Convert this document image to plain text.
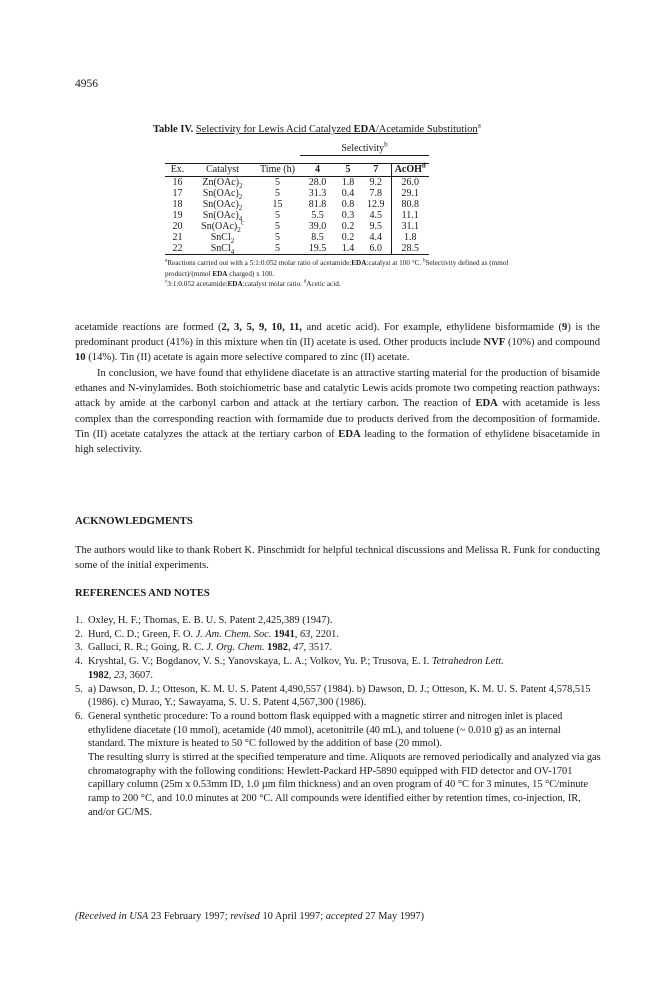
4956
Table IV. Selectivity for Lewis Acid Catalyzed EDA/Acetamide Substitution$^a$
			Selectivity$^b$

Ex.	Catalyst	Time (h)	4	5	7	AcOH$^d$
16	$Zn(OAc)_2$	5	28.0	1.8	9.2	26.0
17	$Sn(OAc)_2$	5	31.3	0.4	7.8	29.1
18	$Sn(OAc)_2$	15	81.8	0.8	12.9	80.8
19	$Sn(OAc)_4$	5	5.5	0.3	4.5	11.1
20	$Sn(OAc)_2^c$	5	39.0	0.2	9.5	31.1
21	SnCl$_2$	5	8.5	0.2	4.4	1.8
22	SnCl$_4$	5	19.5	1.4	6.0	28.5
$^a$Reactions carried out with a 5:1:0.052 molar ratio of acetamide:EDA:catalyst at 100 °C. $^b$Selectivity defined as (mmol product)/(mmol EDA charged) x 100.
$^c$3:1:0.052 acetamide:EDA:catalyst molar ratio. $^d$Acetic acid.
acetamide reactions are formed (2, 3, 5, 9, 10, 11, and acetic acid). For example, ethylidene bisformamide (9) is the predominant product (41%) in this mixture when tin (II) acetate is used. Other products include NVF (10%) and compound 10 (14%). Tin (II) acetate is again more selective compared to zinc (II) acetate.
In conclusion, we have found that ethylidene diacetate is an attractive starting material for the production of bisamide ethanes and N-vinylamides. Both stoichiometric base and catalytic Lewis acids promote two competing reaction pathways: attack by amide at the carbonyl carbon and attack at the tertiary carbon. The reaction of EDA with acetamide is less complex than the corresponding reaction with formamide due to products derived from the decomposition of formamide. Tin (II) acetate catalyzes the attack at the tertiary carbon of EDA leading to the formation of ethylidene bisacetamide in high selectivity.
ACKNOWLEDGMENTS
The authors would like to thank Robert K. Pinschmidt for helpful technical discussions and Melissa R. Funk for conducting some of the initial experiments.
REFERENCES AND NOTES
1. Oxley, H. F.; Thomas, E. B. U. S. Patent 2,425,389 (1947).
2. Hurd, C. D.; Green, F. O. J. Am. Chem. Soc. 1941, 63, 2201.
3. Galluci, R. R.; Going, R. C. J. Org. Chem. 1982, 47, 3517.
4. Kryshtal, G. V.; Bogdanov, V. S.; Yanovskaya, L. A.; Volkov, Yu. P.; Trusova, E. I. Tetrahedron Lett.
1982, 23, 3607.
5. a) Dawson, D. J.; Otteson, K. M. U. S. Patent 4,490,557 (1984). b) Dawson, D. J.; Otteson, K. M. U. S. Patent 4,578,515 (1986). c) Murao, Y.; Sawayama, S. U. S. Patent 4,567,300 (1986).
6. General synthetic procedure: To a round bottom flask equipped with a magnetic stirrer and nitrogen inlet is placed ethylidene diacetate (10 mmol), acetamide (40 mmol), acetonitrile (40 mL), and toluene (~ 0.010 g) as an internal standard. The mixture is heated to 50 °C followed by the addition of base (20 mmol).
The resulting slurry is stirred at the specified temperature and time. Aliquots are removed periodically and analyzed via gas chromatography with the following conditions: Hewlett-Packard HP-5890 equipped with FID detector and OV-1701 capillary column (25m x 0.53mm ID, 1.0 µm film thickness) and an oven program of 40 °C for 3 minutes, 15 °C/minute ramp to 200 °C, and 10.0 minutes at 200 °C. All compounds were identified either by retention times, co-injection, IR, and/or GC/MS.
(Received in USA 23 February 1997; revised 10 April 1997; accepted 27 May 1997)
